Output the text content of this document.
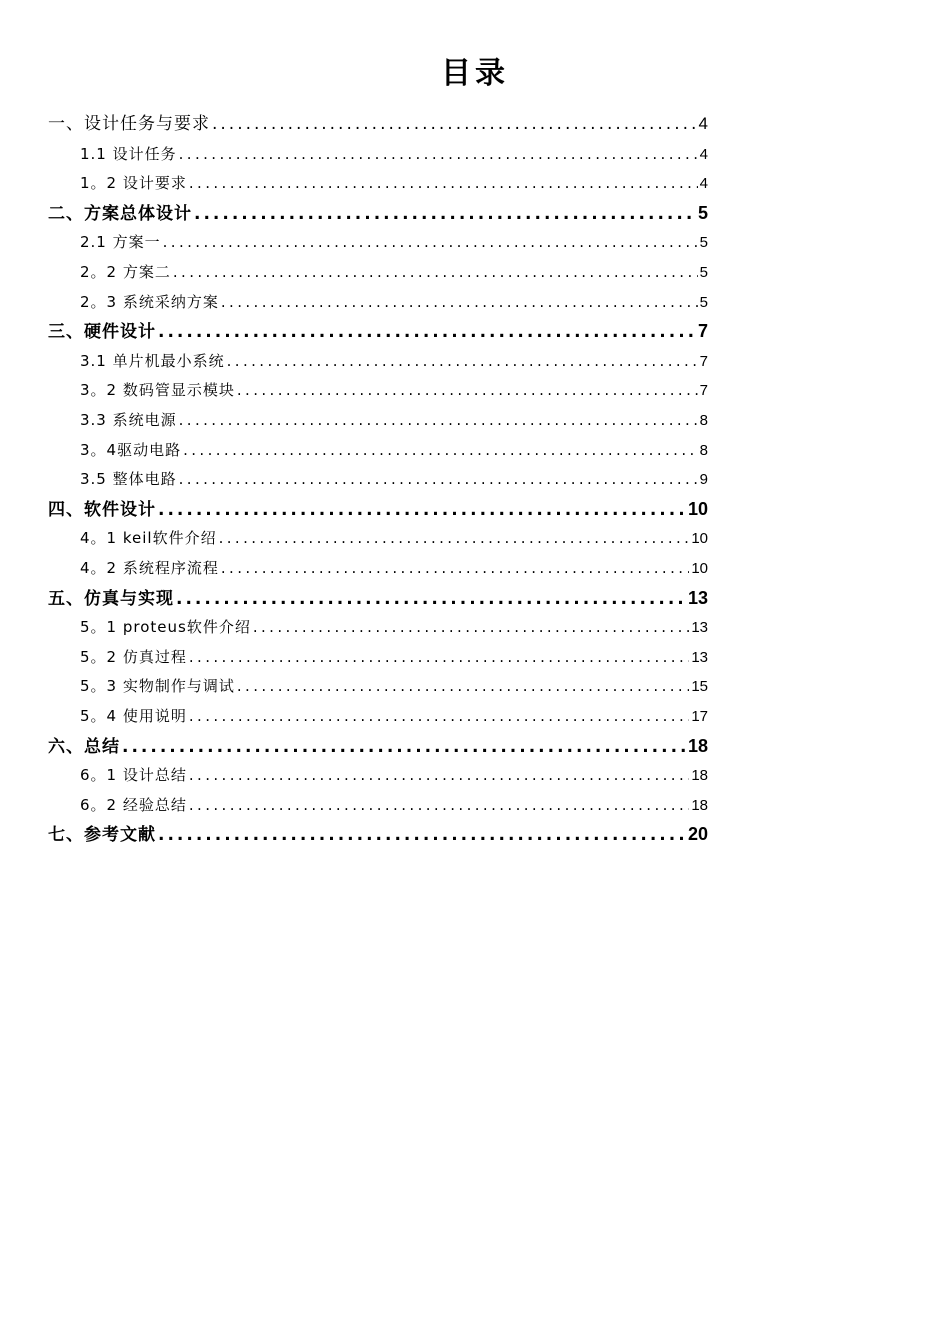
目录
一、设计任务与要求 .....	4
1.1 设计任务 .....	4
1。2 设计要求 .....	4
二、方案总体设计 .....	5
2.1 方案一 .....	5
2。2 方案二 .....	5
2。3 系统采纳方案 .....	5
三、硬件设计 .....	7
3.1 单片机最小系统 .....	7
3。2 数码管显示模块 .....	7
3.3 系统电源 .....	8
3。4驱动电路 .....	8
3.5 整体电路 .....	9
四、软件设计 .....	10
4。1 keil软件介绍 .....	10
4。2 系统程序流程 .....	10
五、仿真与实现 .....	13
5。1 proteus软件介绍 .....	13
5。2 仿真过程 .....	13
5。3 实物制作与调试 .....	15
5。4 使用说明 .....	17
六、总结 .....	18
6。1 设计总结 .....	18
6。2 经验总结 .....	18
七、参考文献 .....	20
